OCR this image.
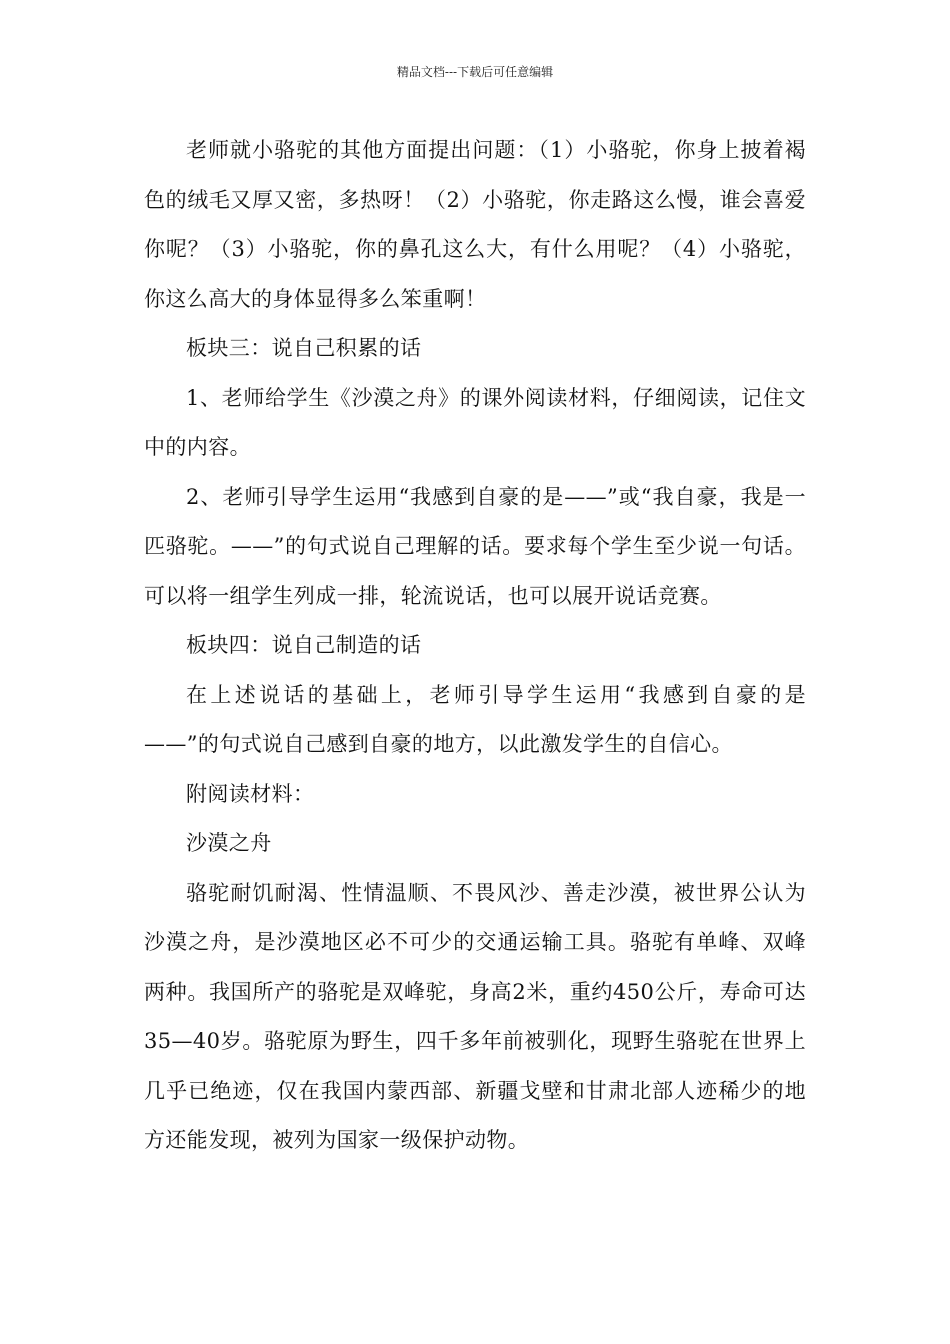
精品文档---下载后可任意编辑

老师就小骆驼的其他方面提出问题：（1）小骆驼，你身上披着褐色的绒毛又厚又密，多热呀！（2）小骆驼，你走路这么慢，谁会喜爱你呢？（3）小骆驼，你的鼻孔这么大，有什么用呢？（4）小骆驼，你这么高大的身体显得多么笨重啊！

板块三：说自己积累的话

1、老师给学生《沙漠之舟》的课外阅读材料，仔细阅读，记住文中的内容。

2、老师引导学生运用“我感到自豪的是——”或“我自豪，我是一匹骆驼。——”的句式说自己理解的话。要求每个学生至少说一句话。可以将一组学生列成一排，轮流说话，也可以展开说话竞赛。

板块四：说自己制造的话

在上述说话的基础上，老师引导学生运用“我感到自豪的是——”的句式说自己感到自豪的地方，以此激发学生的自信心。

附阅读材料：

沙漠之舟

骆驼耐饥耐渴、性情温顺、不畏风沙、善走沙漠，被世界公认为沙漠之舟，是沙漠地区必不可少的交通运输工具。骆驼有单峰、双峰两种。我国所产的骆驼是双峰驼，身高2米，重约450公斤，寿命可达35—40岁。骆驼原为野生，四千多年前被驯化，现野生骆驼在世界上几乎已绝迹，仅在我国内蒙西部、新疆戈壁和甘肃北部人迹稀少的地方还能发现，被列为国家一级保护动物。
